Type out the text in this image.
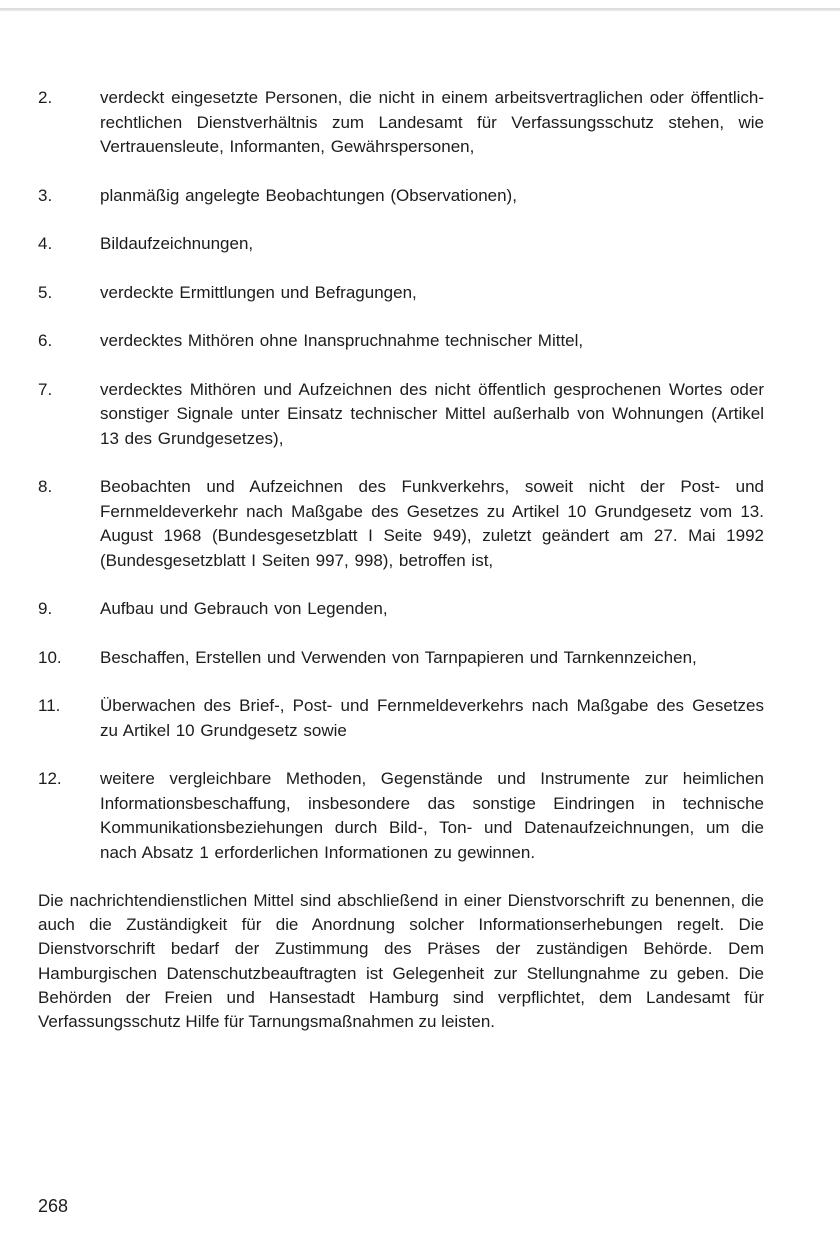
2.	verdeckt eingesetzte Personen, die nicht in einem arbeitsvertraglichen oder öffentlich-rechtlichen Dienstverhältnis zum Landesamt für Verfassungsschutz stehen, wie Vertrauensleute, Informanten, Gewährspersonen,
3.	planmäßig angelegte Beobachtungen (Observationen),
4.	Bildaufzeichnungen,
5.	verdeckte Ermittlungen und Befragungen,
6.	verdecktes Mithören ohne Inanspruchnahme technischer Mittel,
7.	verdecktes Mithören und Aufzeichnen des nicht öffentlich gesprochenen Wortes oder sonstiger Signale unter Einsatz technischer Mittel außerhalb von Wohnungen (Artikel 13 des Grundgesetzes),
8.	Beobachten und Aufzeichnen des Funkverkehrs, soweit nicht der Post- und Fernmeldeverkehr nach Maßgabe des Gesetzes zu Artikel 10 Grundgesetz vom 13. August 1968 (Bundesgesetzblatt I Seite 949), zuletzt geändert am 27. Mai 1992 (Bundesgesetzblatt I Seiten 997, 998), betroffen ist,
9.	Aufbau und Gebrauch von Legenden,
10.	Beschaffen, Erstellen und Verwenden von Tarnpapieren und Tarnkennzeichen,
11.	Überwachen des Brief-, Post- und Fernmeldeverkehrs nach Maßgabe des Gesetzes zu Artikel 10 Grundgesetz sowie
12.	weitere vergleichbare Methoden, Gegenstände und Instrumente zur heimlichen Informationsbeschaffung, insbesondere das sonstige Eindringen in technische Kommunikationsbeziehungen durch Bild-, Ton- und Datenaufzeichnungen, um die nach Absatz 1 erforderlichen Informationen zu gewinnen.
Die nachrichtendienstlichen Mittel sind abschließend in einer Dienstvorschrift zu benennen, die auch die Zuständigkeit für die Anordnung solcher Informationserhebungen regelt. Die Dienstvorschrift bedarf der Zustimmung des Präses der zuständigen Behörde. Dem Hamburgischen Datenschutzbeauftragten ist Gelegenheit zur Stellungnahme zu geben. Die Behörden der Freien und Hansestadt Hamburg sind verpflichtet, dem Landesamt für Verfassungsschutz Hilfe für Tarnungsmaßnahmen zu leisten.
268
